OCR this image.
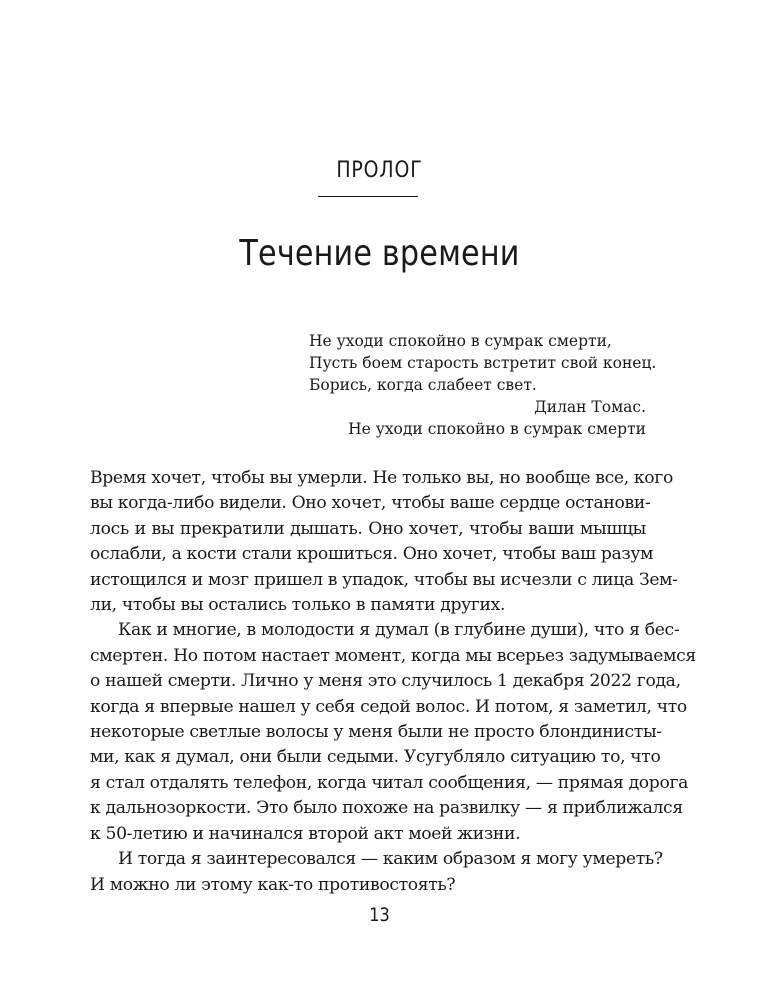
ПРОЛОГ
Течение времени
Не уходи спокойно в сумрак смерти,
Пусть боем старость встретит свой конец.
Борись, когда слабеет свет.
Дилан Томас.
Не уходи спокойно в сумрак смерти
Время хочет, чтобы вы умерли. Не только вы, но вообще все, кого
вы когда-либо видели. Оно хочет, чтобы ваше сердце останови-
лось и вы прекратили дышать. Оно хочет, чтобы ваши мышцы
ослабли, а кости стали крошиться. Оно хочет, чтобы ваш разум
истощился и мозг пришел в упадок, чтобы вы исчезли с лица Зем-
ли, чтобы вы остались только в памяти других.
Как и многие, в молодости я думал (в глубине души), что я бес-
смертен. Но потом настает момент, когда мы всерьез задумываемся
о нашей смерти. Лично у меня это случилось 1 декабря 2022 года,
когда я впервые нашел у себя седой волос. И потом, я заметил, что
некоторые светлые волосы у меня были не просто блондинисты-
ми, как я думал, они были седыми. Усугубляло ситуацию то, что
я стал отдалять телефон, когда читал сообщения, — прямая дорога
к дальнозоркости. Это было похоже на развилку — я приближался
к 50-летию и начинался второй акт моей жизни.
И тогда я заинтересовался — каким образом я могу умереть?
И можно ли этому как-то противостоять?
13
